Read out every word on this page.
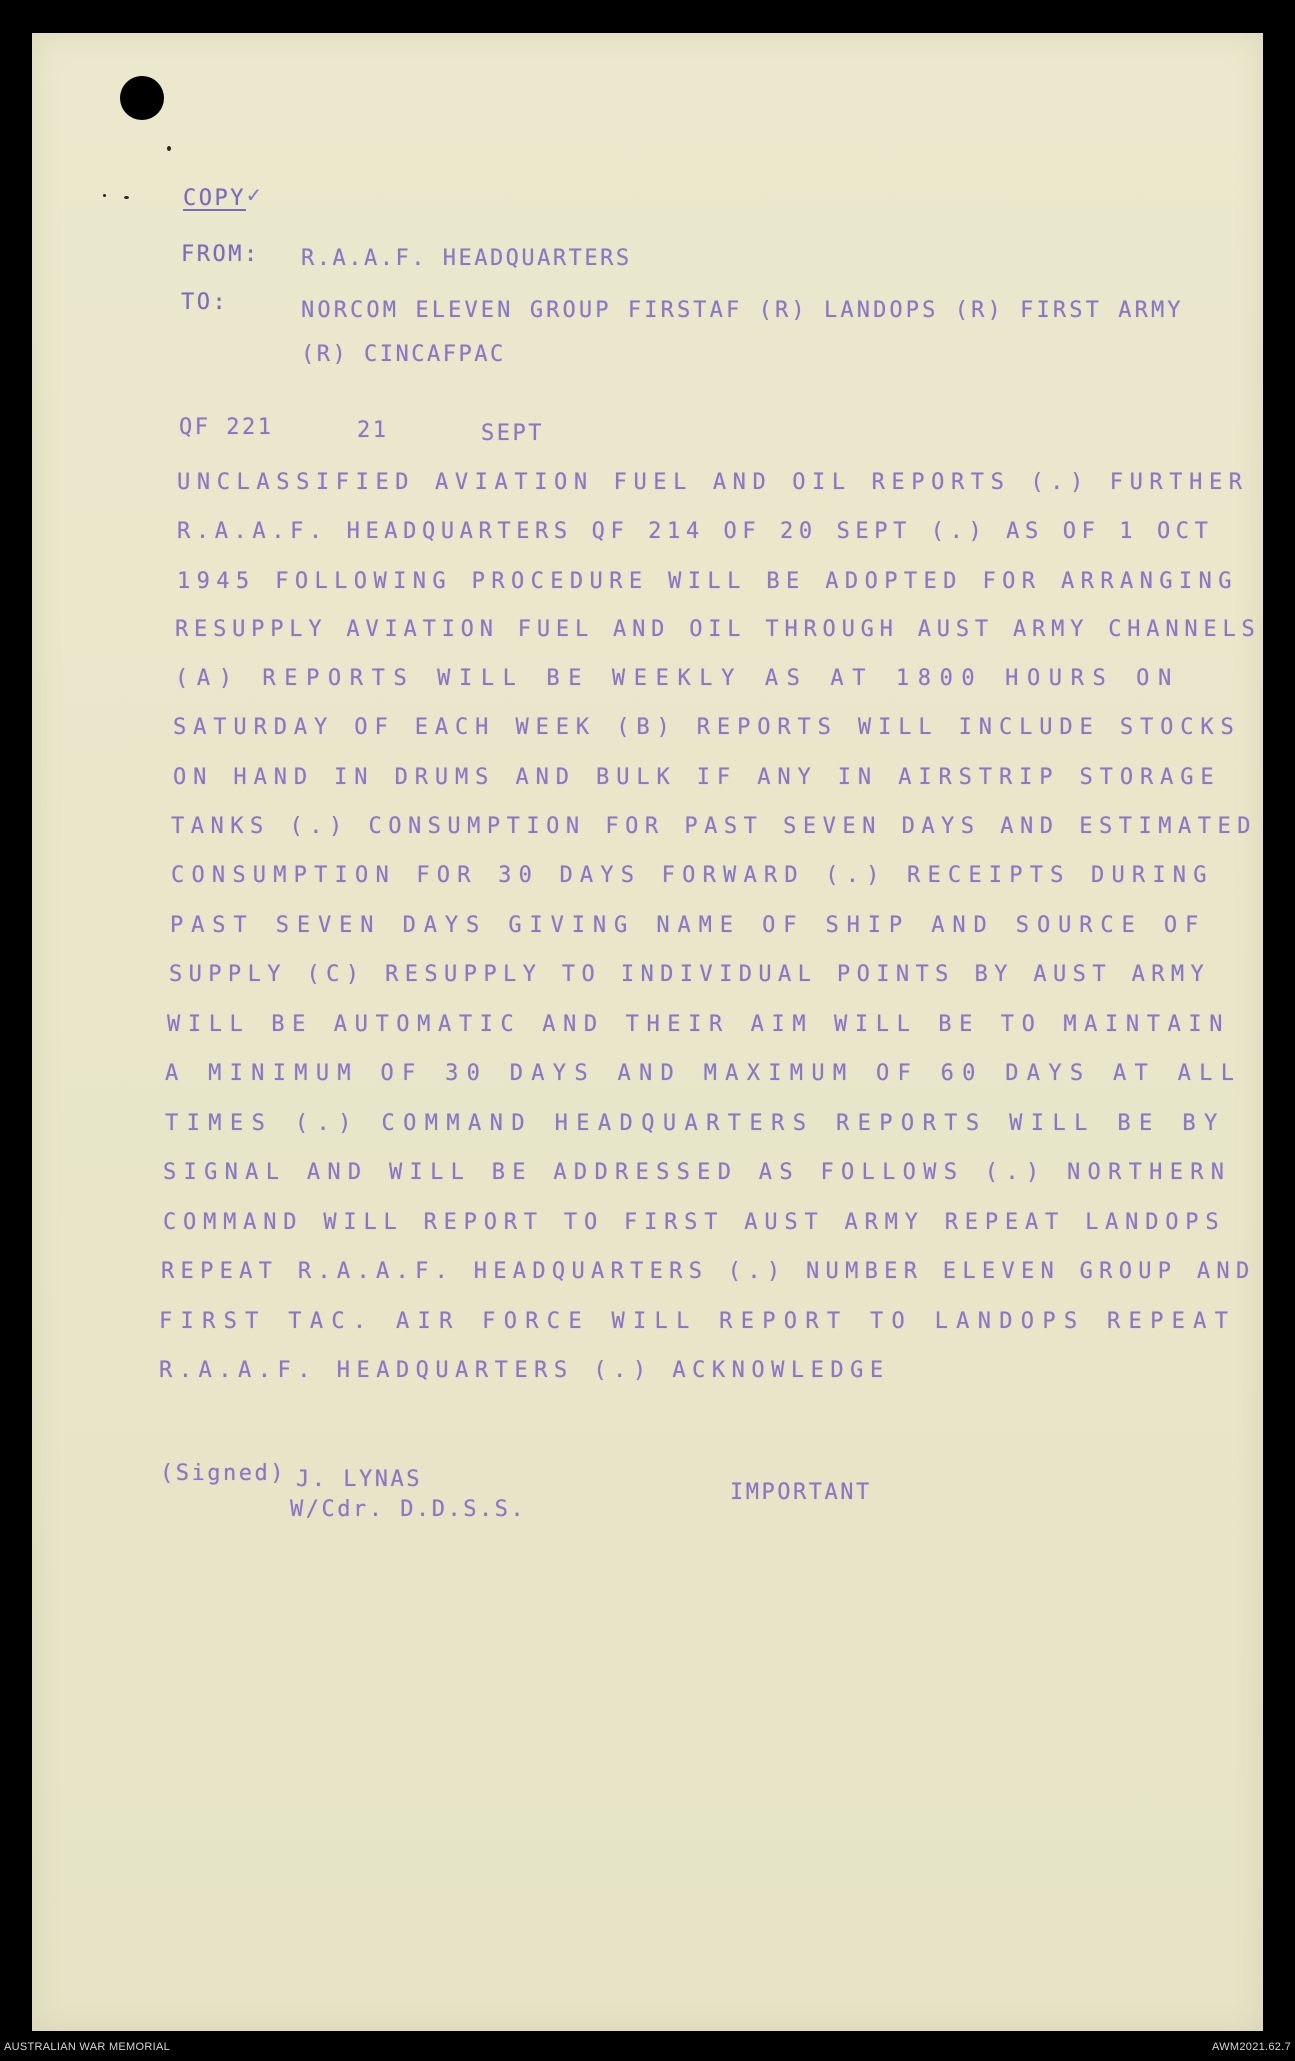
COPY ✓
FROM: R.A.A.F. HEADQUARTERS
TO:	NORCOM ELEVEN GROUP FIRSTAF (R) LANDOPS (R) FIRST ARMY
(R) CINCAFPAC
QF 221	21	SEPT
UNCLASSIFIED AVIATION FUEL AND OIL REPORTS (.) FURTHER
R.A.A.F. HEADQUARTERS QF 214 OF 20 SEPT (.) AS OF 1 OCT
1945 FOLLOWING PROCEDURE WILL BE ADOPTED FOR ARRANGING
RESUPPLY AVIATION FUEL AND OIL THROUGH AUST ARMY CHANNELS
(A) REPORTS WILL BE WEEKLY AS AT 1800 HOURS ON
SATURDAY OF EACH WEEK (B) REPORTS WILL INCLUDE STOCKS
ON HAND IN DRUMS AND BULK IF ANY IN AIRSTRIP STORAGE
TANKS (.) CONSUMPTION FOR PAST SEVEN DAYS AND ESTIMATED
CONSUMPTION FOR 30 DAYS FORWARD (.) RECEIPTS DURING
PAST SEVEN DAYS GIVING NAME OF SHIP AND SOURCE OF
SUPPLY (C) RESUPPLY TO INDIVIDUAL POINTS BY AUST ARMY
WILL BE AUTOMATIC AND THEIR AIM WILL BE TO MAINTAIN
A MINIMUM OF 30 DAYS AND MAXIMUM OF 60 DAYS AT ALL
TIMES (.) COMMAND HEADQUARTERS REPORTS WILL BE BY
SIGNAL AND WILL BE ADDRESSED AS FOLLOWS (.) NORTHERN
COMMAND WILL REPORT TO FIRST AUST ARMY REPEAT LANDOPS
REPEAT R.A.A.F. HEADQUARTERS (.) NUMBER ELEVEN GROUP AND
FIRST TAC. AIR FORCE WILL REPORT TO LANDOPS REPEAT
R.A.A.F. HEADQUARTERS (.) ACKNOWLEDGE
(Signed) J. LYNAS
W/Cdr. D.D.S.S.
IMPORTANT
AUSTRALIAN WAR MEMORIAL	AWM2021.62.7
